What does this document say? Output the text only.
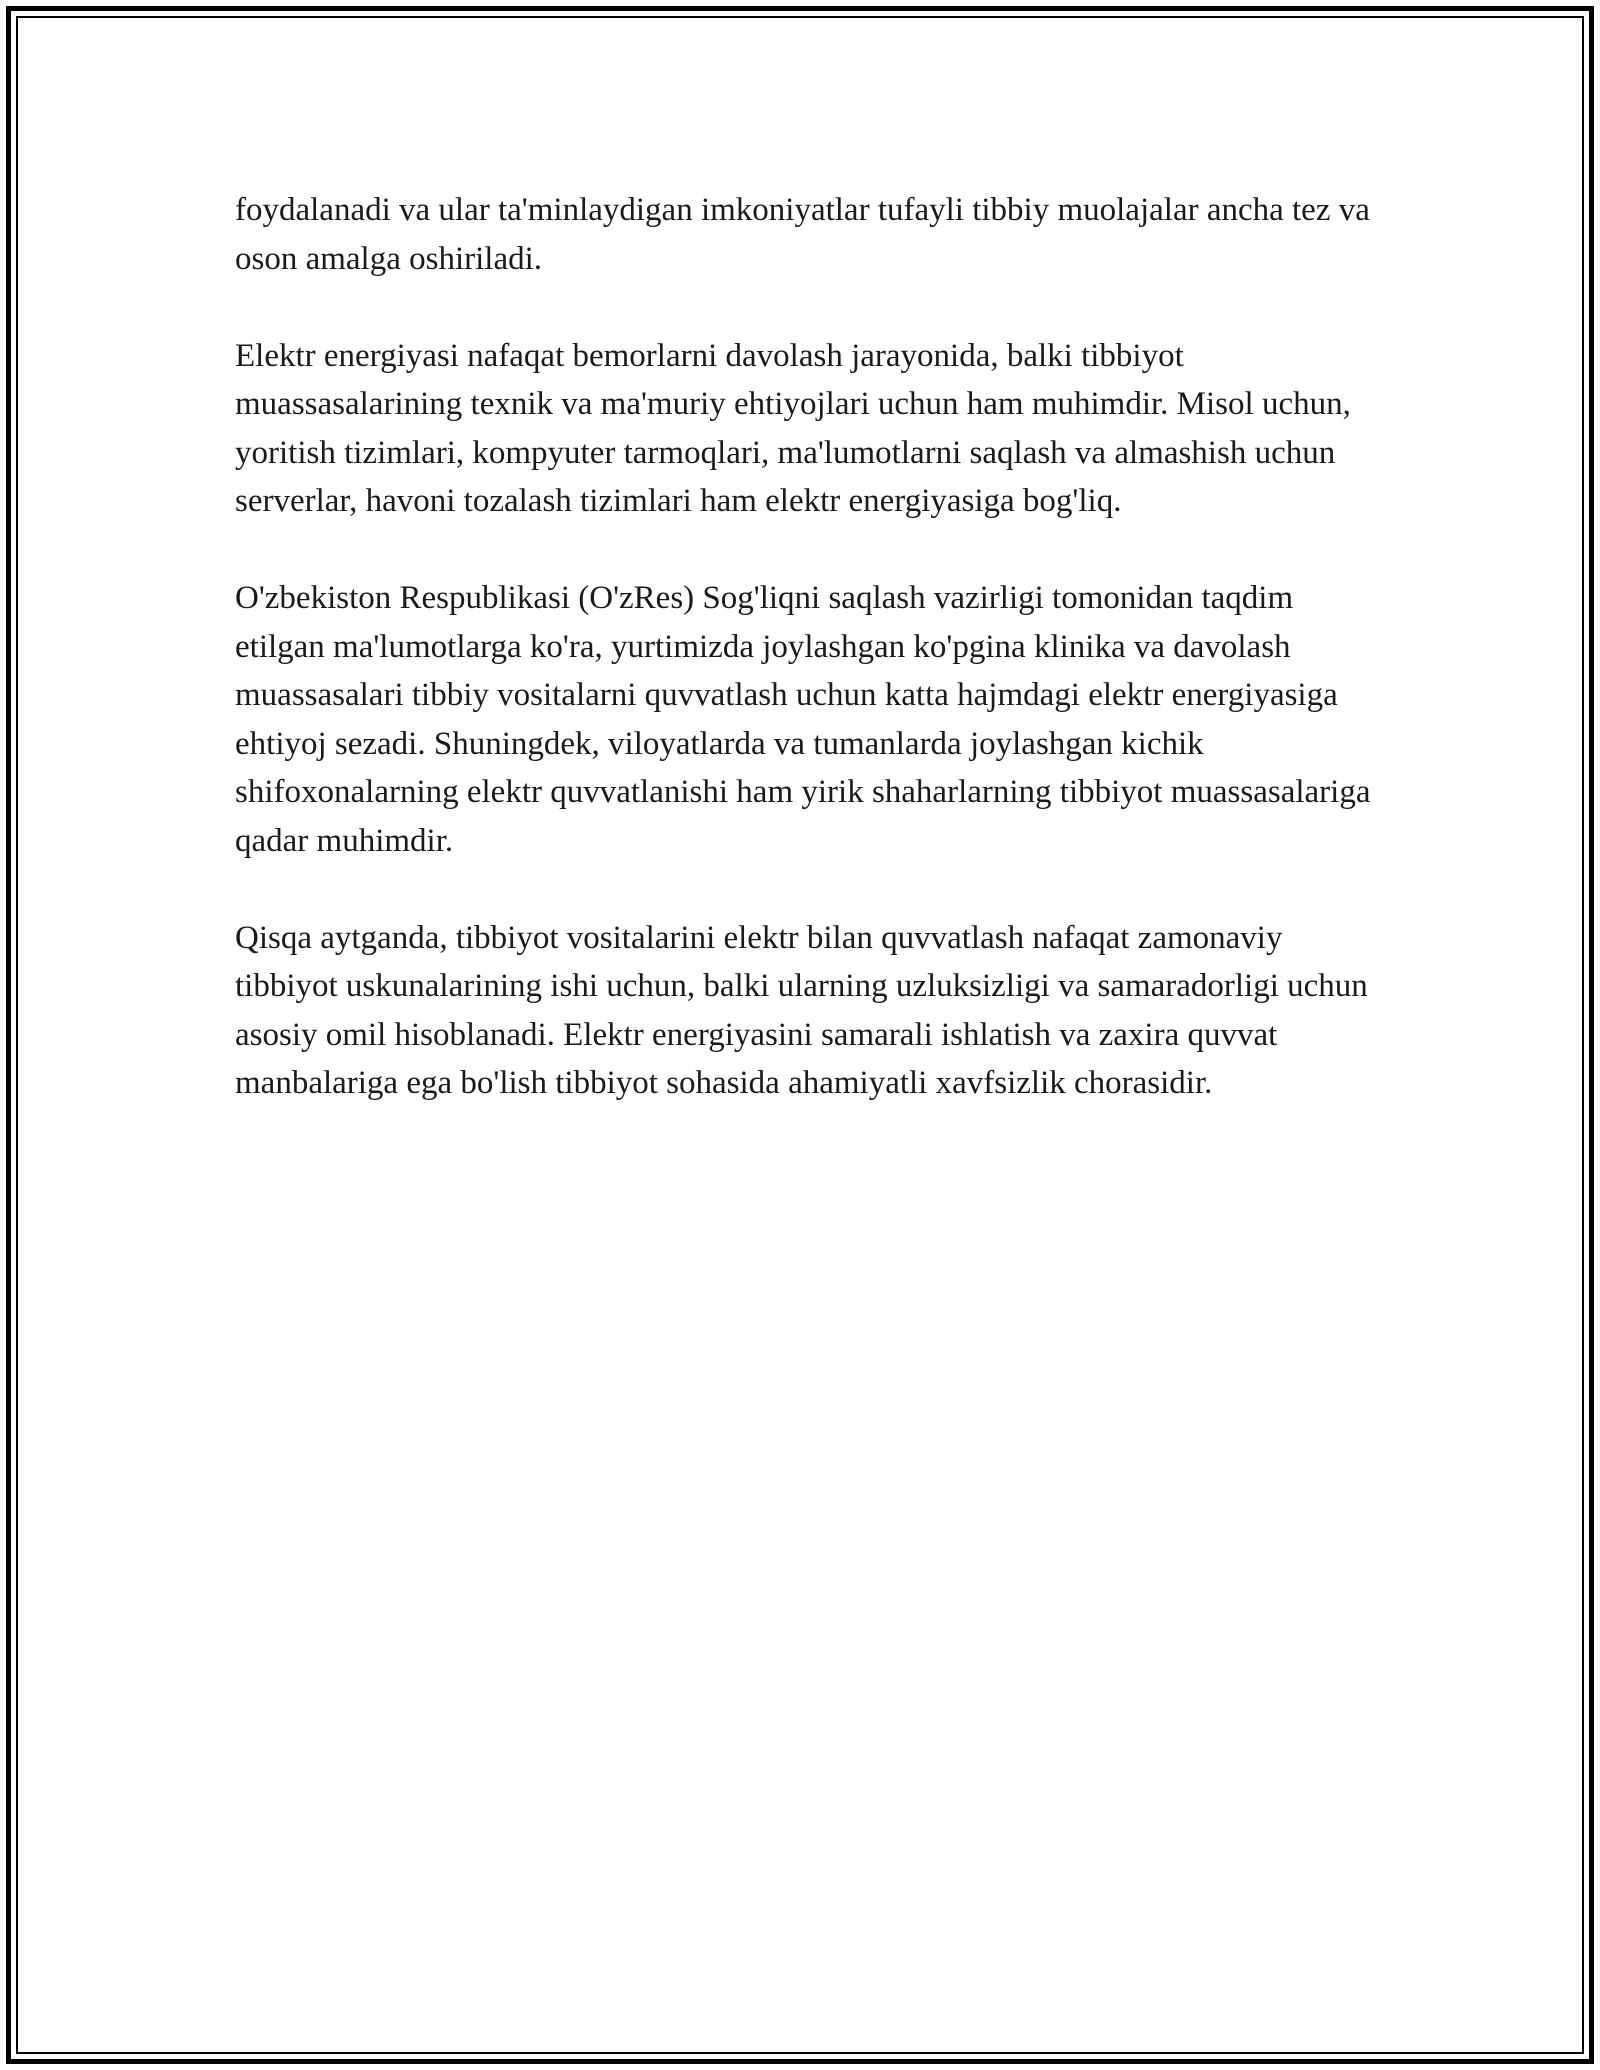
foydalanadi va ular ta'minlaydigan imkoniyatlar tufayli tibbiy muolajalar ancha tez va oson amalga oshiriladi.

Elektr energiyasi nafaqat bemorlarni davolash jarayonida, balki tibbiyot muassasalarining texnik va ma'muriy ehtiyojlari uchun ham muhimdir. Misol uchun, yoritish tizimlari, kompyuter tarmoqlari, ma'lumotlarni saqlash va almashish uchun serverlar, havoni tozalash tizimlari ham elektr energiyasiga bog'liq.

O'zbekiston Respublikasi (O'zRes) Sog'liqni saqlash vazirligi tomonidan taqdim etilgan ma'lumotlarga ko'ra, yurtimizda joylashgan ko'pgina klinika va davolash muassasalari tibbiy vositalarni quvvatlash uchun katta hajmdagi elektr energiyasiga ehtiyoj sezadi. Shuningdek, viloyatlarda va tumanlarda joylashgan kichik shifoxonalarning elektr quvvatlanishi ham yirik shaharlarning tibbiyot muassasalariga qadar muhimdir.

Qisqa aytganda, tibbiyot vositalarini elektr bilan quvvatlash nafaqat zamonaviy tibbiyot uskunalarining ishi uchun, balki ularning uzluksizligi va samaradorligi uchun asosiy omil hisoblanadi. Elektr energiyasini samarali ishlatish va zaxira quvvat manbalariga ega bo'lish tibbiyot sohasida ahamiyatli xavfsizlik chorasidir.
